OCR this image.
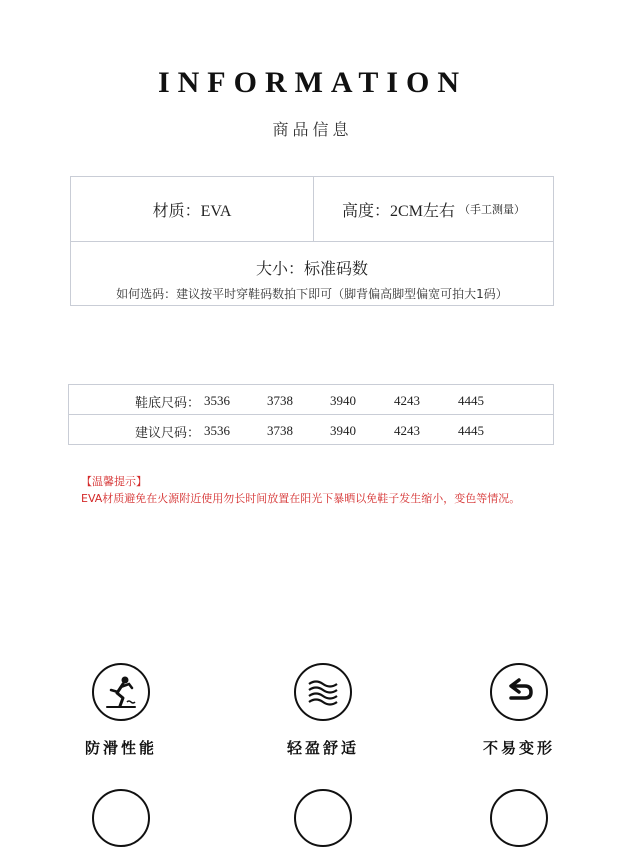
INFORMATION
商品信息
材质：EVA	高度：2CM左右 （手工测量）
大小：标准码数
如何选码：建议按平时穿鞋码数拍下即可（脚背偏高脚型偏宽可拍大1码）
鞋底尺码： 3536	3738	3940	4243	4445
建议尺码： 3536	3738	3940	4243	4445
【温馨提示】
EVA材质避免在火源附近使用勿长时间放置在阳光下暴晒以免鞋子发生缩小，变色等情况。
防滑性能	轻盈舒适	不易变形
